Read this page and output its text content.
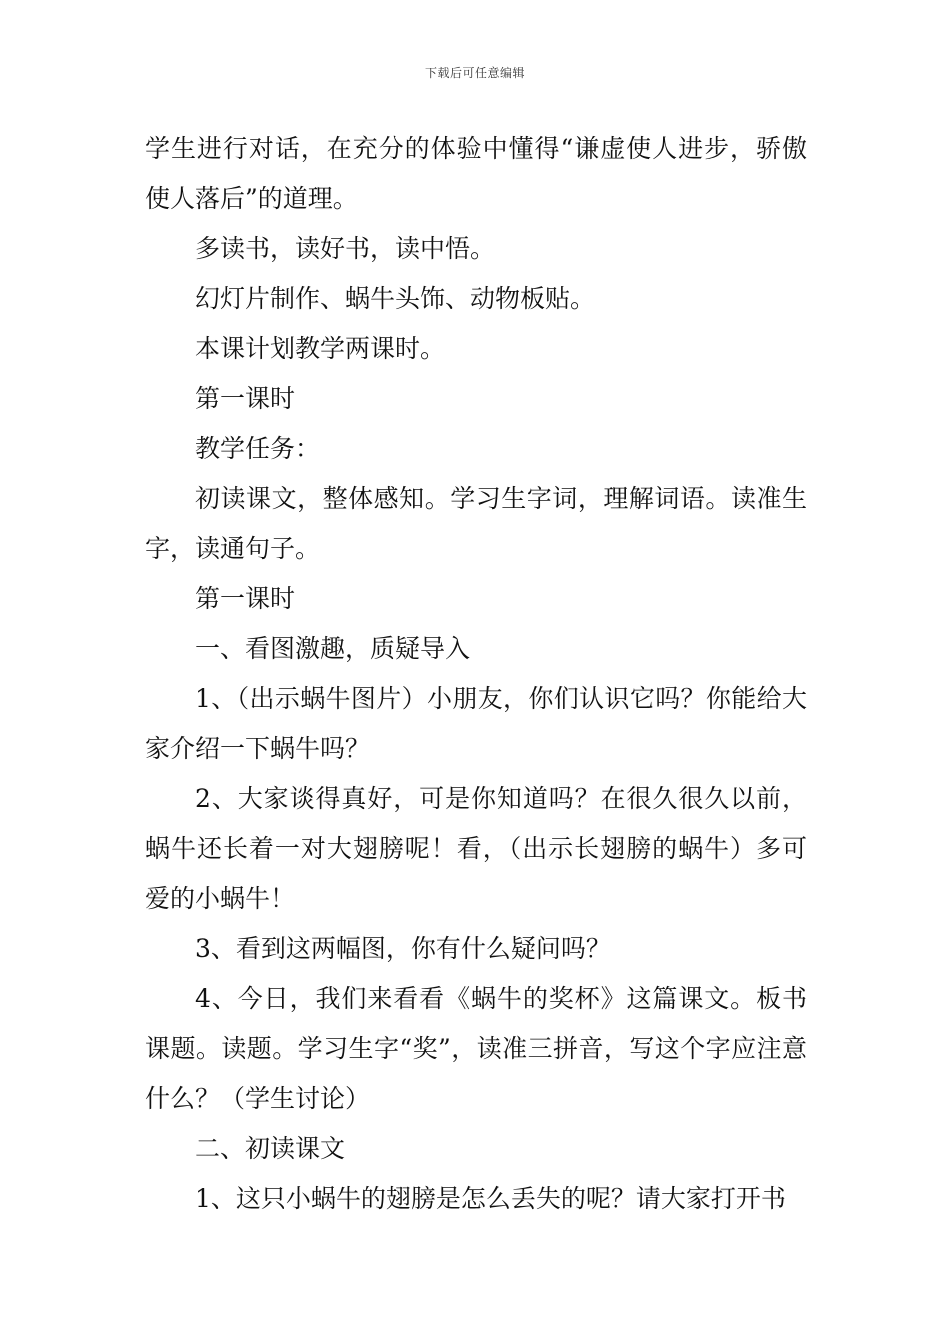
下载后可任意编辑

学生进行对话，在充分的体验中懂得“谦虚使人进步，骄傲使人落后”的道理。

多读书，读好书，读中悟。

幻灯片制作、蜗牛头饰、动物板贴。

本课计划教学两课时。

第一课时

教学任务：

初读课文，整体感知。学习生字词，理解词语。读准生字，读通句子。

第一课时

一、看图激趣，质疑导入

1、（出示蜗牛图片）小朋友，你们认识它吗？你能给大家介绍一下蜗牛吗？

2、大家谈得真好，可是你知道吗？在很久很久以前，蜗牛还长着一对大翅膀呢！看，（出示长翅膀的蜗牛）多可爱的小蜗牛！

3、看到这两幅图，你有什么疑问吗？

4、今日，我们来看看《蜗牛的奖杯》这篇课文。板书课题。读题。学习生字“奖”，读准三拼音，写这个字应注意什么？（学生讨论）

二、初读课文

1、这只小蜗牛的翅膀是怎么丢失的呢？请大家打开书
